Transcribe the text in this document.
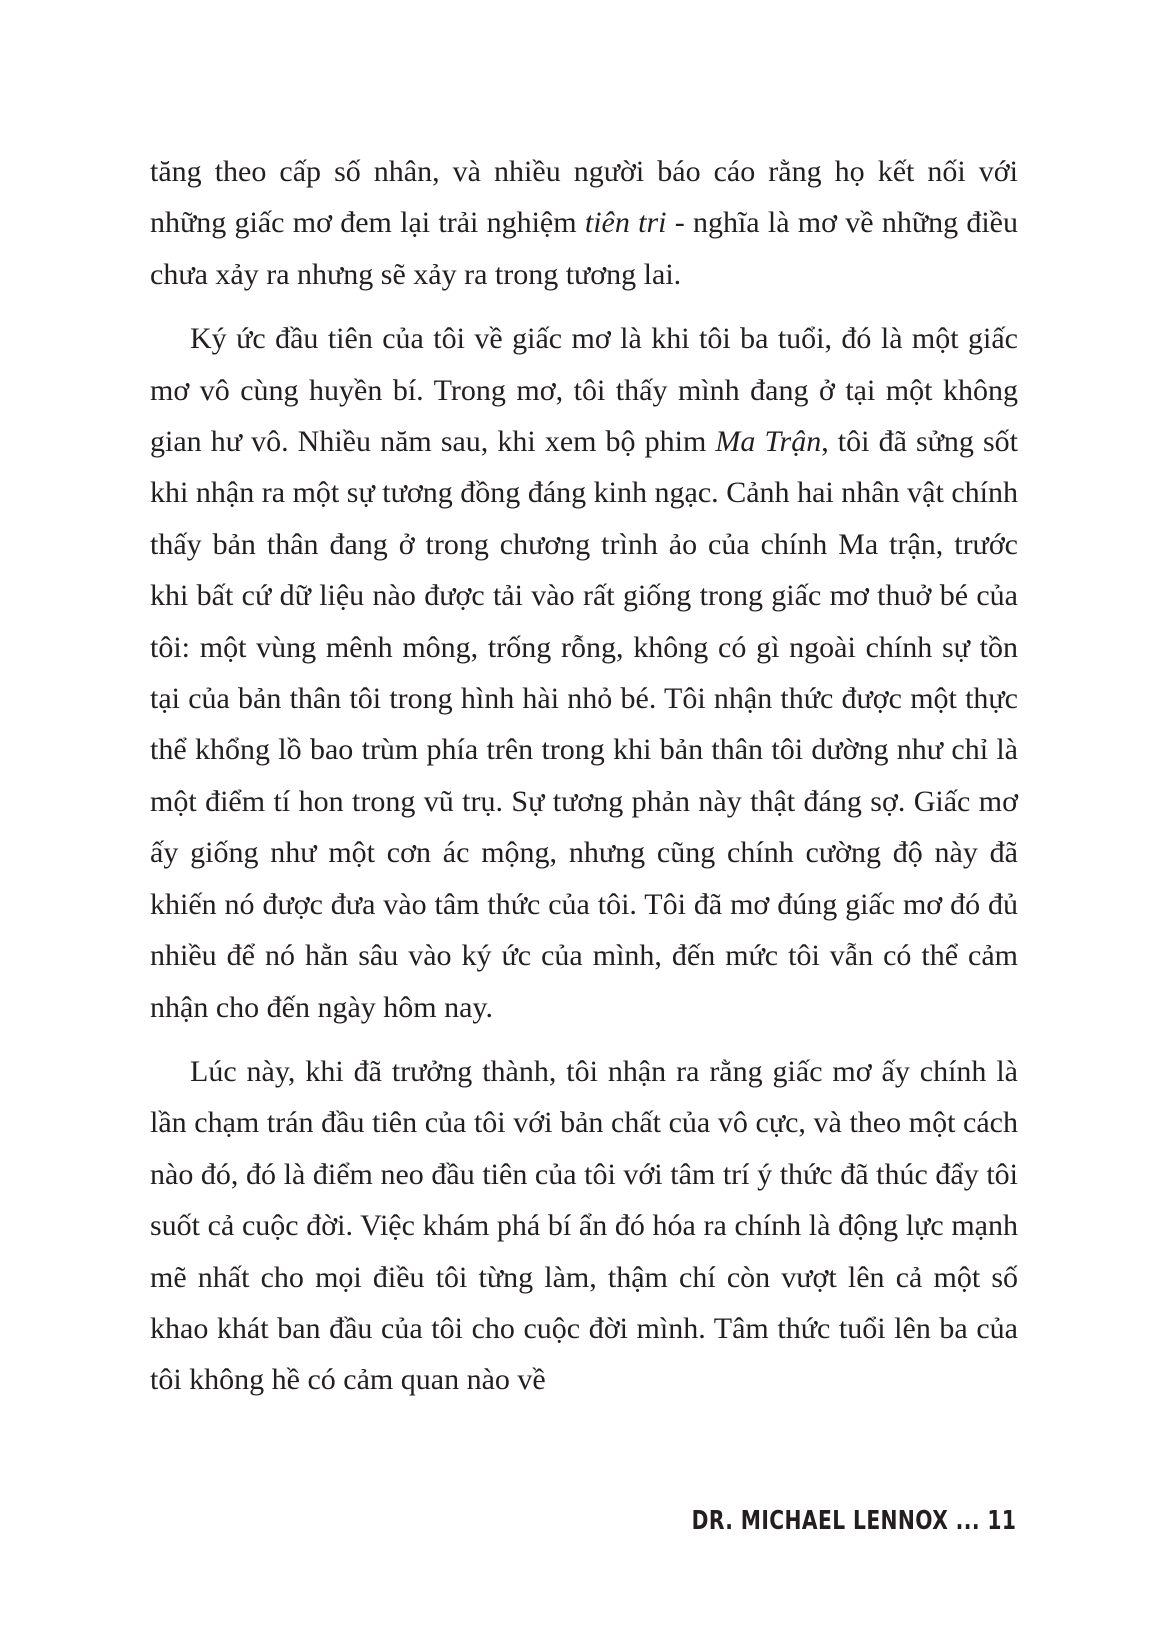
tăng theo cấp số nhân, và nhiều người báo cáo rằng họ kết nối với những giấc mơ đem lại trải nghiệm tiên tri - nghĩa là mơ về những điều chưa xảy ra nhưng sẽ xảy ra trong tương lai.

Ký ức đầu tiên của tôi về giấc mơ là khi tôi ba tuổi, đó là một giấc mơ vô cùng huyền bí. Trong mơ, tôi thấy mình đang ở tại một không gian hư vô. Nhiều năm sau, khi xem bộ phim Ma Trận, tôi đã sửng sốt khi nhận ra một sự tương đồng đáng kinh ngạc. Cảnh hai nhân vật chính thấy bản thân đang ở trong chương trình ảo của chính Ma trận, trước khi bất cứ dữ liệu nào được tải vào rất giống trong giấc mơ thuở bé của tôi: một vùng mênh mông, trống rỗng, không có gì ngoài chính sự tồn tại của bản thân tôi trong hình hài nhỏ bé. Tôi nhận thức được một thực thể khổng lồ bao trùm phía trên trong khi bản thân tôi dường như chỉ là một điểm tí hon trong vũ trụ. Sự tương phản này thật đáng sợ. Giấc mơ ấy giống như một cơn ác mộng, nhưng cũng chính cường độ này đã khiến nó được đưa vào tâm thức của tôi. Tôi đã mơ đúng giấc mơ đó đủ nhiều để nó hằn sâu vào ký ức của mình, đến mức tôi vẫn có thể cảm nhận cho đến ngày hôm nay.

Lúc này, khi đã trưởng thành, tôi nhận ra rằng giấc mơ ấy chính là lần chạm trán đầu tiên của tôi với bản chất của vô cực, và theo một cách nào đó, đó là điểm neo đầu tiên của tôi với tâm trí ý thức đã thúc đẩy tôi suốt cả cuộc đời. Việc khám phá bí ẩn đó hóa ra chính là động lực mạnh mẽ nhất cho mọi điều tôi từng làm, thậm chí còn vượt lên cả một số khao khát ban đầu của tôi cho cuộc đời mình. Tâm thức tuổi lên ba của tôi không hề có cảm quan nào về

DR. MICHAEL LENNOX ... 11
